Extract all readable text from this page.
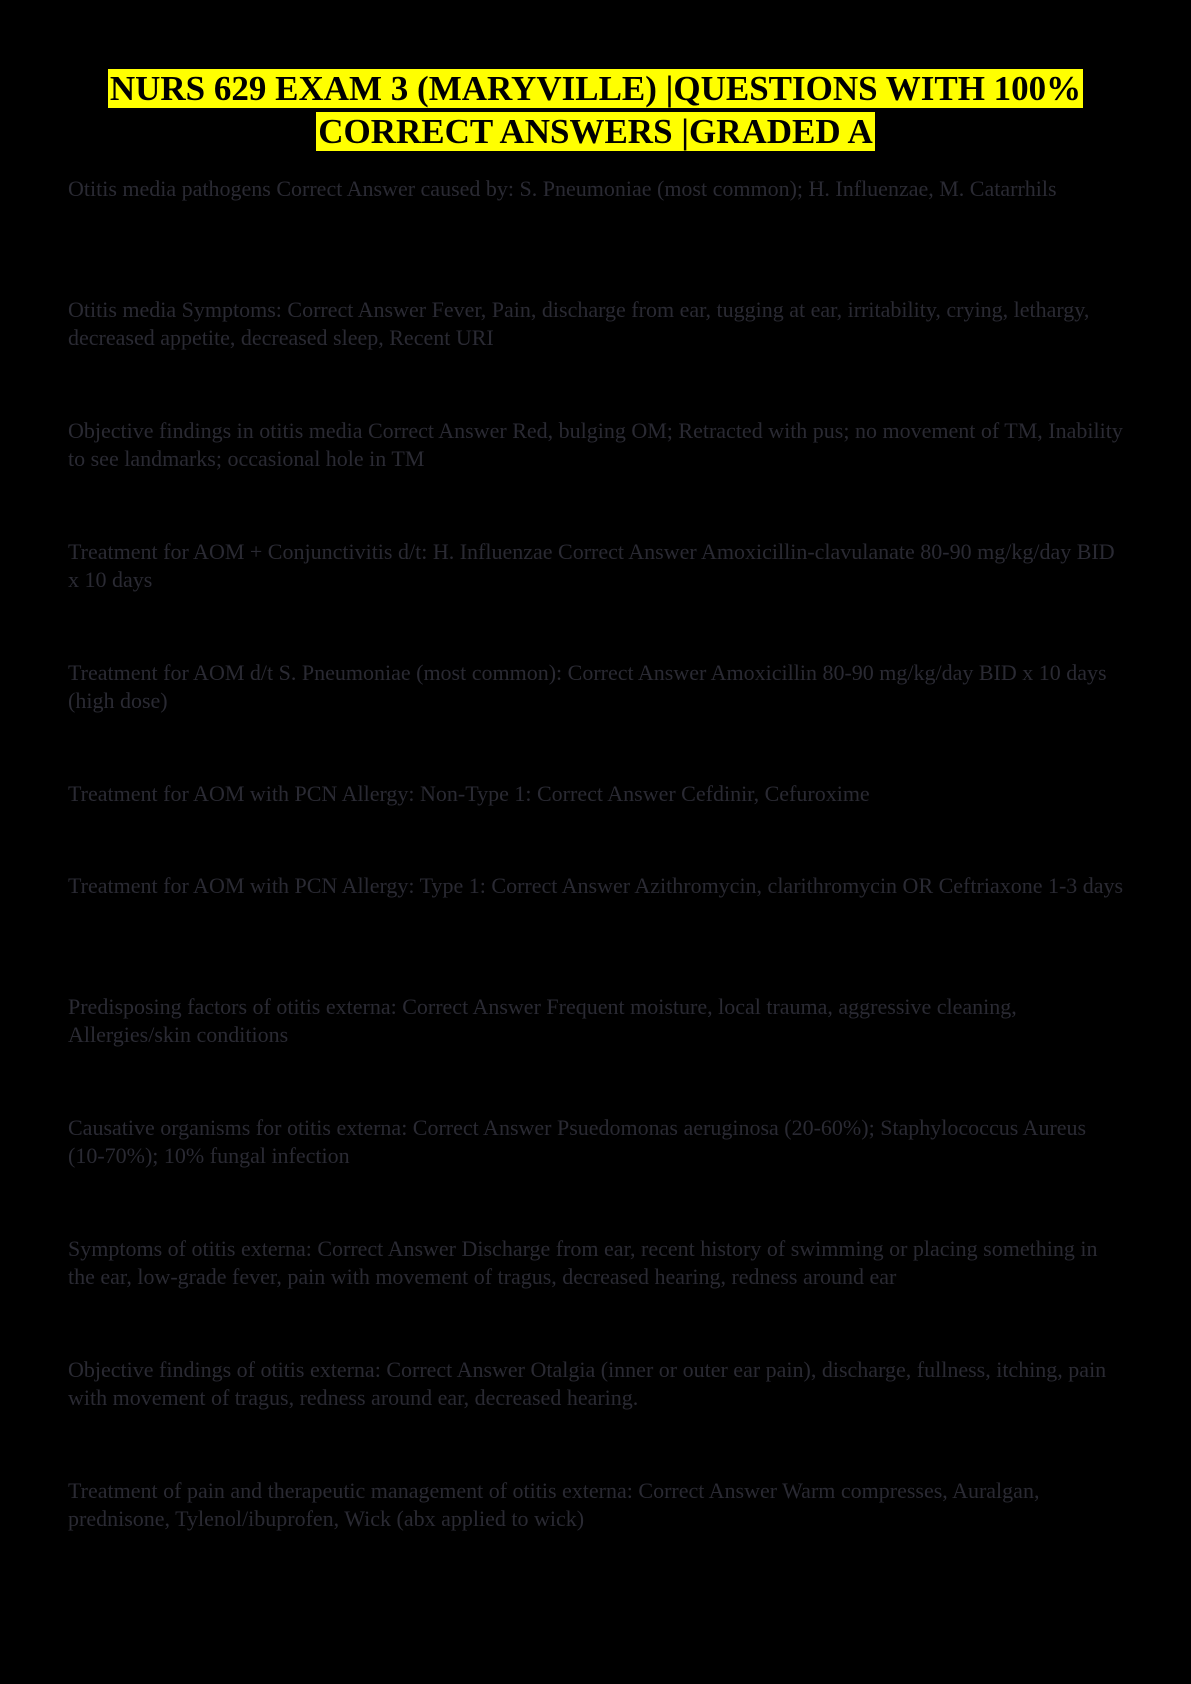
NURS 629 EXAM 3 (MARYVILLE) |QUESTIONS WITH 100%
CORRECT ANSWERS |GRADED A

Otitis media pathogens Correct Answer caused by: S. Pneumoniae (most common); H. Influenzae, M. Catarrhils

Otitis media Symptoms: Correct Answer Fever, Pain, discharge from ear, tugging at ear, irritability, crying, lethargy, decreased appetite, decreased sleep, Recent URI

Objective findings in otitis media Correct Answer Red, bulging OM; Retracted with pus; no movement of TM, Inability to see landmarks; occasional hole in TM

Treatment for AOM + Conjunctivitis d/t: H. Influenzae Correct Answer Amoxicillin-clavulanate 80-90 mg/kg/day BID x 10 days

Treatment for AOM d/t S. Pneumoniae (most common): Correct Answer Amoxicillin 80-90 mg/kg/day BID x 10 days (high dose)

Treatment for AOM with PCN Allergy: Non-Type 1: Correct Answer Cefdinir, Cefuroxime

Treatment for AOM with PCN Allergy: Type 1: Correct Answer Azithromycin, clarithromycin OR Ceftriaxone 1-3 days

Predisposing factors of otitis externa: Correct Answer Frequent moisture, local trauma, aggressive cleaning, Allergies/skin conditions

Causative organisms for otitis externa: Correct Answer Psuedomonas aeruginosa (20-60%); Staphylococcus Aureus (10-70%); 10% fungal infection

Symptoms of otitis externa: Correct Answer Discharge from ear, recent history of swimming or placing something in the ear, low-grade fever, pain with movement of tragus, decreased hearing, redness around ear

Objective findings of otitis externa: Correct Answer Otalgia (inner or outer ear pain), discharge, fullness, itching, pain with movement of tragus, redness around ear, decreased hearing.

Treatment of pain and therapeutic management of otitis externa: Correct Answer Warm compresses, Auralgan, prednisone, Tylenol/ibuprofen, Wick (abx applied to wick)
